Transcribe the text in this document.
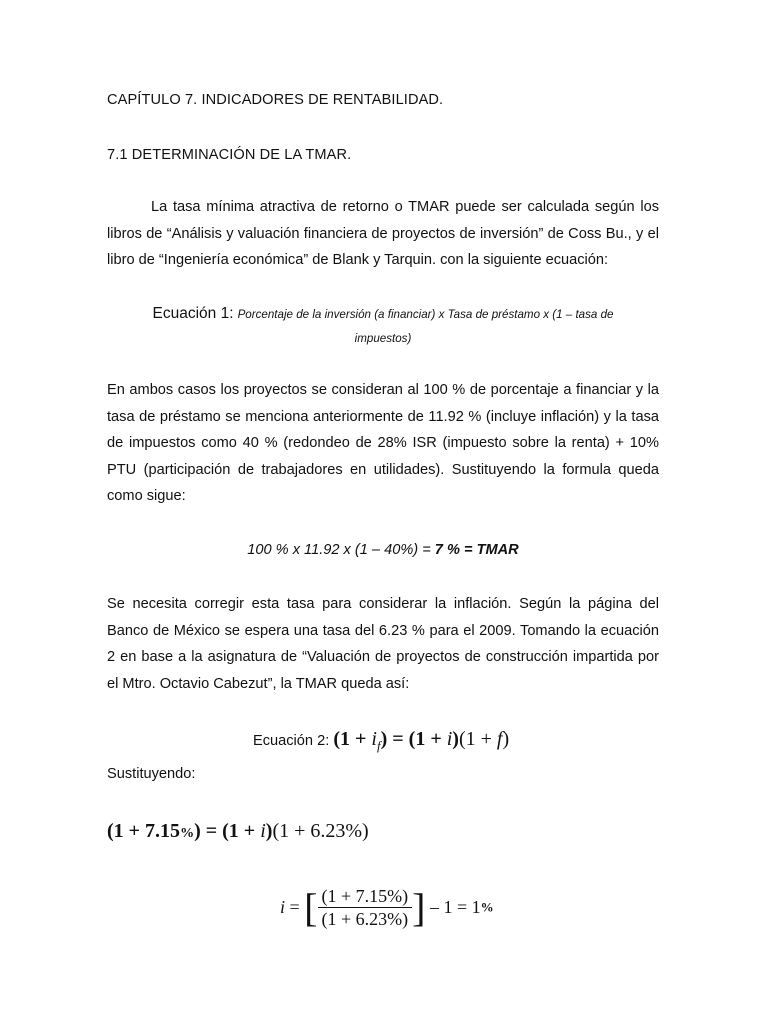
CAPÍTULO 7. INDICADORES DE RENTABILIDAD.

7.1 DETERMINACIÓN DE LA TMAR.

La tasa mínima atractiva de retorno o TMAR puede ser calculada según los libros de “Análisis y valuación financiera de proyectos de inversión” de Coss Bu., y el libro de “Ingeniería económica” de Blank y Tarquin. con la siguiente ecuación:

Ecuación 1: Porcentaje de la inversión (a financiar) x Tasa de préstamo x (1 – tasa de
impuestos)

En ambos casos los proyectos se consideran al 100 % de porcentaje a financiar y la tasa de préstamo se menciona anteriormente de 11.92 % (incluye inflación) y la tasa de impuestos como 40 % (redondeo de 28% ISR (impuesto sobre la renta) + 10% PTU (participación de trabajadores en utilidades). Sustituyendo la formula queda como sigue:

100 % x 11.92 x (1 – 40%) = 7 % = TMAR

Se necesita corregir esta tasa para considerar la inflación. Según la página del Banco de México se espera una tasa del 6.23 % para el 2009. Tomando la ecuación 2 en base a la asignatura de “Valuación de proyectos de construcción impartida por el Mtro. Octavio Cabezut”, la TMAR queda así:

Ecuación 2: $(1 + i_f) = (1 + i)(1 + f)$

Sustituyendo:

(1 + 7.15%) = (1 + i)(1 + 6.23%)
i = [ $\frac{(1 + 7.15\%)}{(1 + 6.23\%)}$ ] – 1 = 1%
